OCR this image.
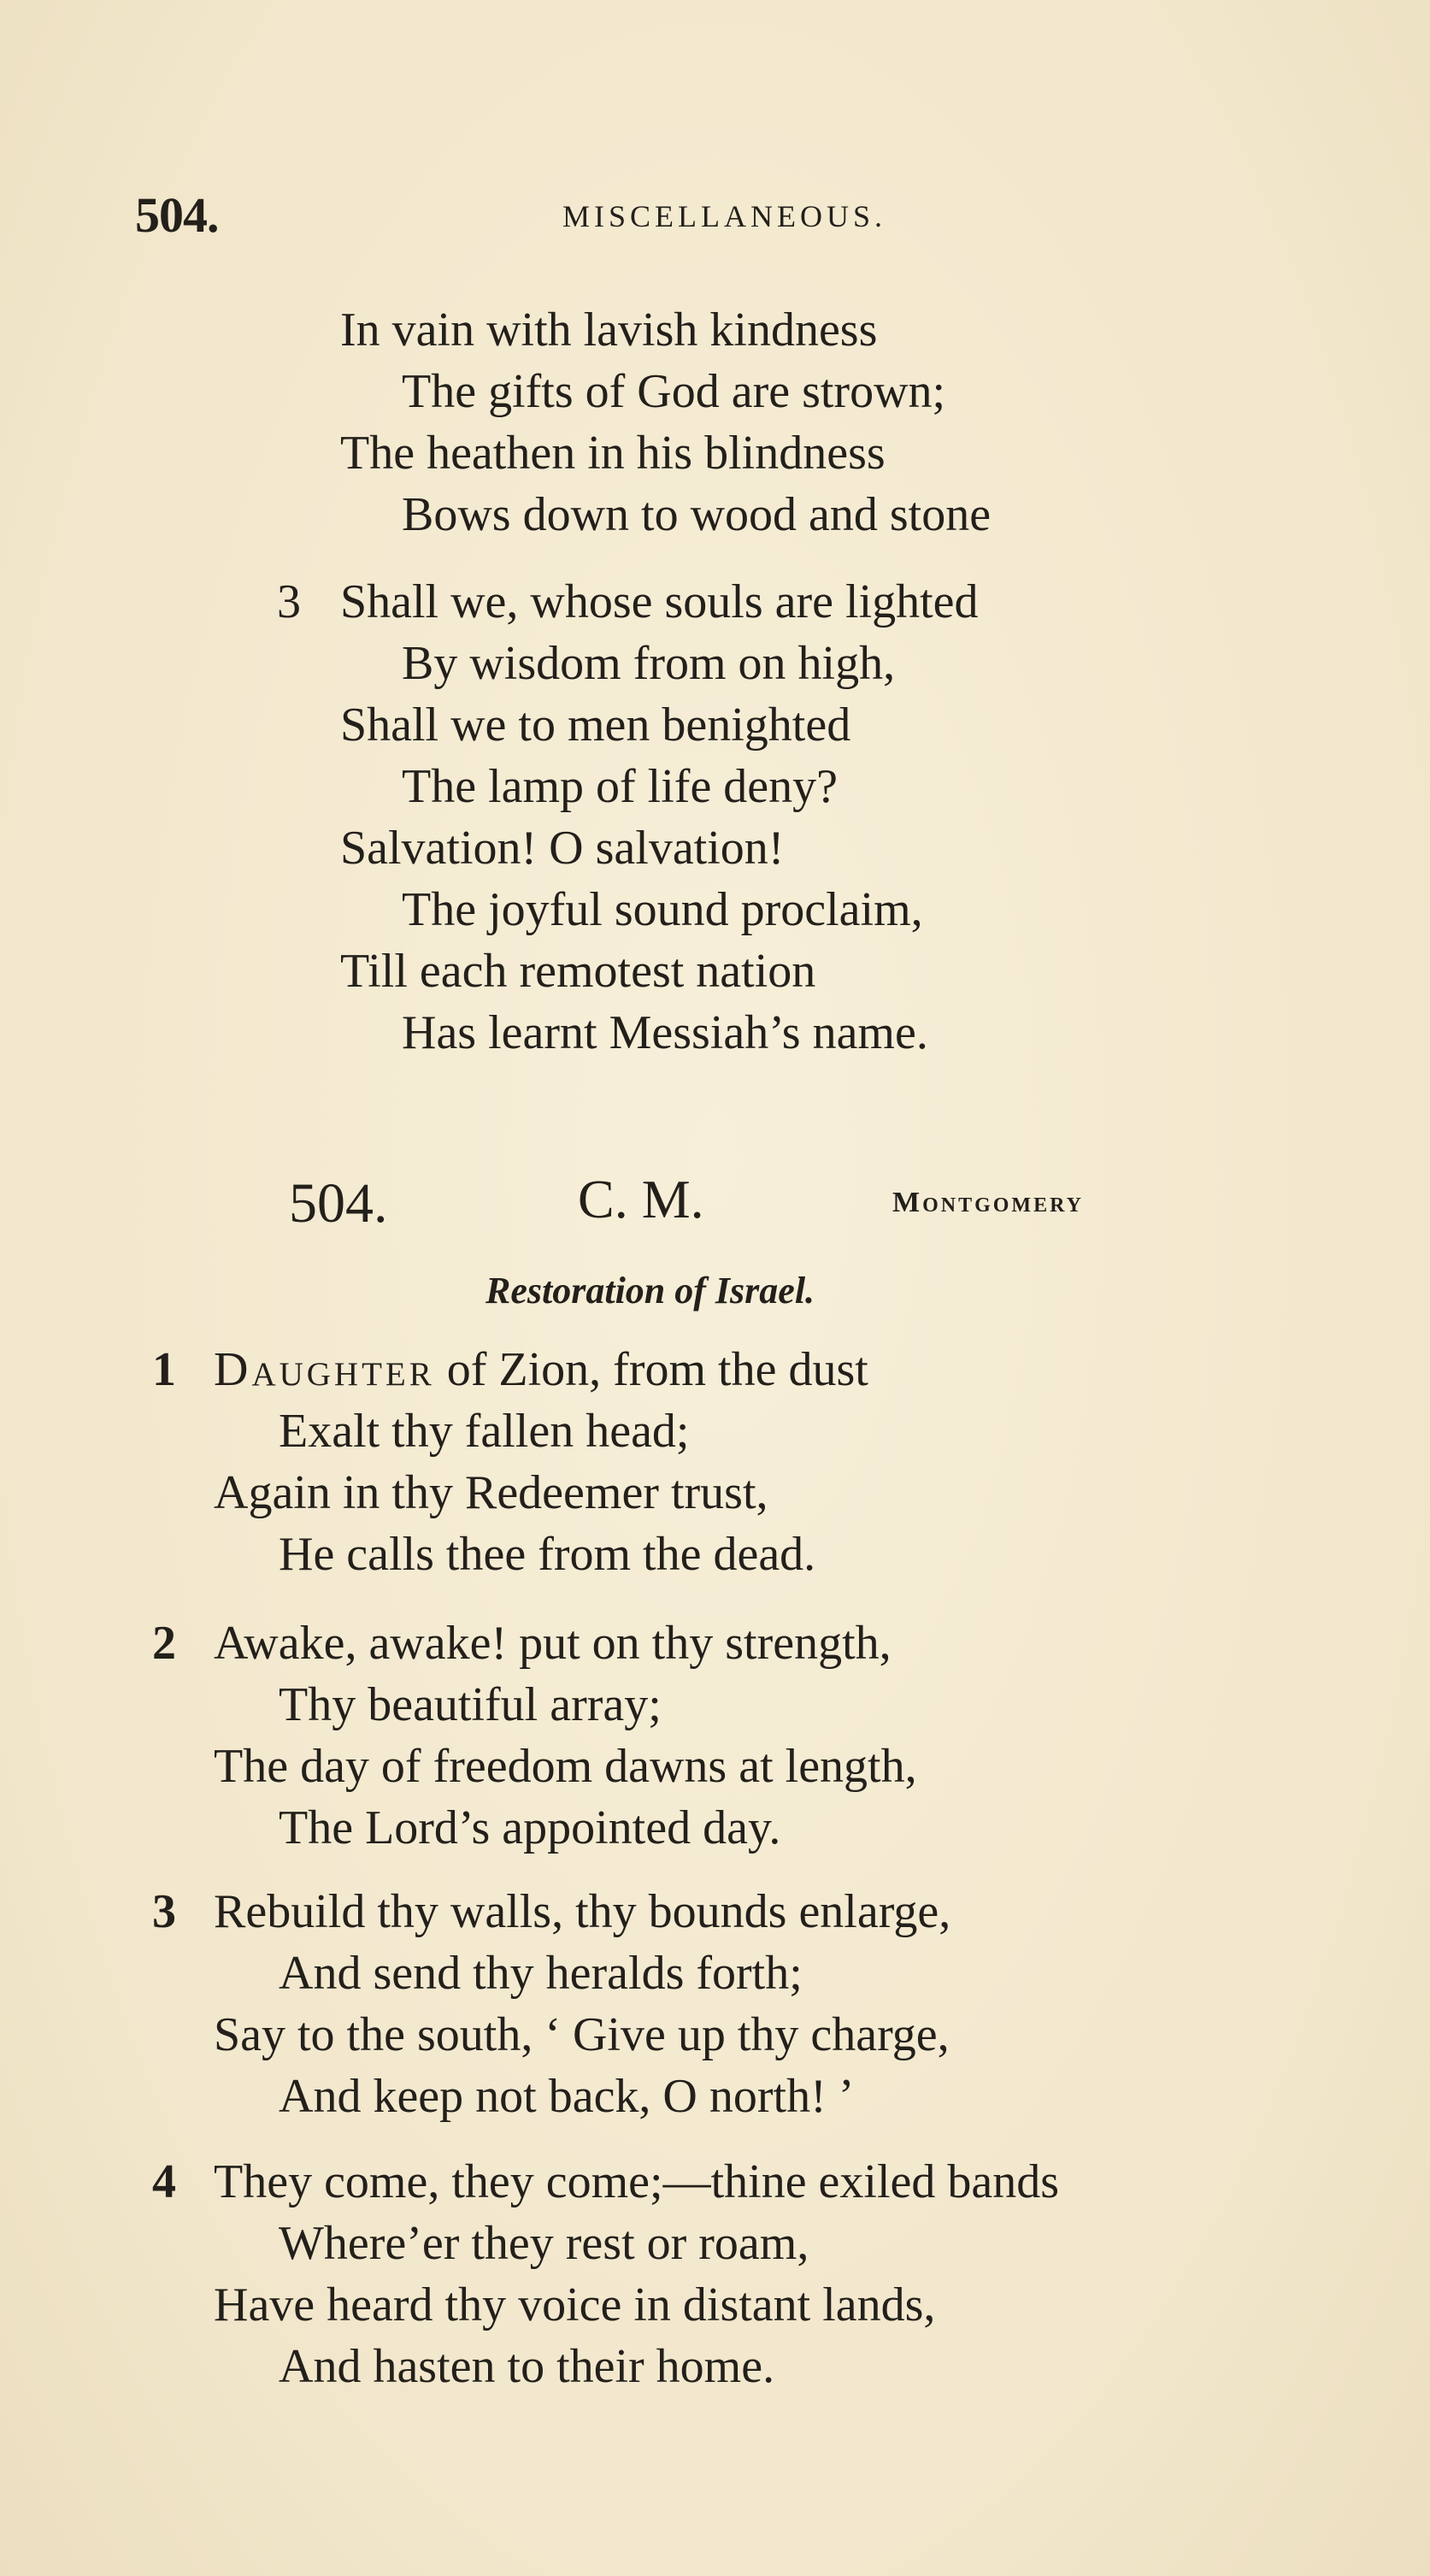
504.	MISCELLANEOUS.
In vain with lavish kindness
The gifts of God are strown;
The heathen in his blindness
Bows down to wood and stone
3 Shall we, whose souls are lighted
By wisdom from on high,
Shall we to men benighted
The lamp of life deny?
Salvation! O salvation!
The joyful sound proclaim,
Till each remotest nation
Has learnt Messiah’s name.
504.	C. M.	Montgomery
Restoration of Israel.
1 Daughter of Zion, from the dust
Exalt thy fallen head;
Again in thy Redeemer trust,
He calls thee from the dead.
2 Awake, awake! put on thy strength,
Thy beautiful array;
The day of freedom dawns at length,
The Lord’s appointed day.
3 Rebuild thy walls, thy bounds enlarge,
And send thy heralds forth;
Say to the south, ‘ Give up thy charge,
And keep not back, O north! ’
4 They come, they come;—thine exiled bands
Where’er they rest or roam,
Have heard thy voice in distant lands,
And hasten to their home.
